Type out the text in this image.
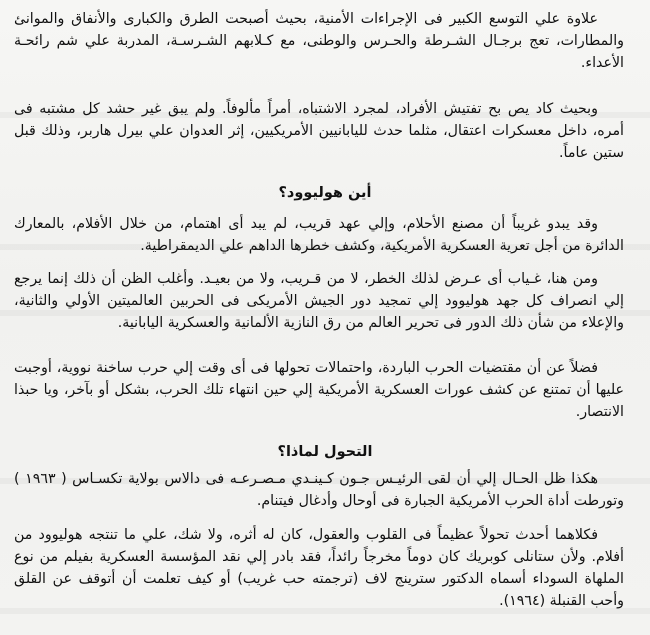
علاوة علي التوسع الكبير فى الإجراءات الأمنية، بحيث أصبحت الطرق والكبارى والأنفاق والموانئ والمطارات، تعج برجـال الشـرطة والحـرس والوطنى، مع كـلابهم الشـرسـة، المدربة علي شم رائحـة الأعداء.

وبحيث كاد يص بح تفتيش الأفراد، لمجرد الاشتباه، أمراً مألوفاً. ولم يبق غير حشد كل مشتبه فى أمره، داخل معسكرات اعتقال، مثلما حدث لليابانيين الأمريكيين، إثر العدوان علي بيرل هاربر، وذلك قبل ستين عاماً.

أين هوليوود؟

وقد يبدو غريباً أن مصنع الأحلام، وإلي عهد قريب، لم يبد أى اهتمام، من خلال الأفلام، بالمعارك الدائرة من أجل تعرية العسكرية الأمريكية، وكشف خطرها الداهم علي الديمقراطية.

ومن هنا، غـياب أى عـرض لذلك الخطر، لا من قـريب، ولا من بعيـد. وأغلب الظن أن ذلك إنما يرجع إلي انصراف كل جهد هوليوود إلي تمجيد دور الجيش الأمريكى فى الحربين العالميتين الأولي والثانية، والإعلاء من شأن ذلك الدور فى تحرير العالم من رق النازية الألمانية والعسكرية اليابانية.

فضلاً عن أن مقتضيات الحرب الباردة، واحتمالات تحولها فى أى وقت إلي حرب ساخنة نووية، أوجبت عليها أن تمتنع عن كشف عورات العسكرية الأمريكية إلي حين انتهاء تلك الحرب، بشكل أو بآخر، ويا حبذا الانتصار.

التحول لماذا؟

هكذا ظل الحـال إلي أن لقى الرئيـس جـون كـينـدي مـصـرعـه فى دالاس بولاية تكسـاس ( ١٩٦٣ ) وتورطت أداة الحرب الأمريكية الجبارة فى أوحال وأدغال فيتنام.

فكلاهما أحدث تحولاً عظيماً فى القلوب والعقول، كان له أثره، ولا شك، علي ما تنتجه هوليوود من أفلام. ولأن ستانلى كوبريك كان دوماً مخرجاً رائداً، فقد بادر إلي نقد المؤسسة العسكرية بفيلم من نوع الملهاة السوداء أسماه الدكتور سترينج لاف (ترجمته حب غريب) أو كيف تعلمت أن أتوقف عن القلق وأحب القنبلة (١٩٦٤).
